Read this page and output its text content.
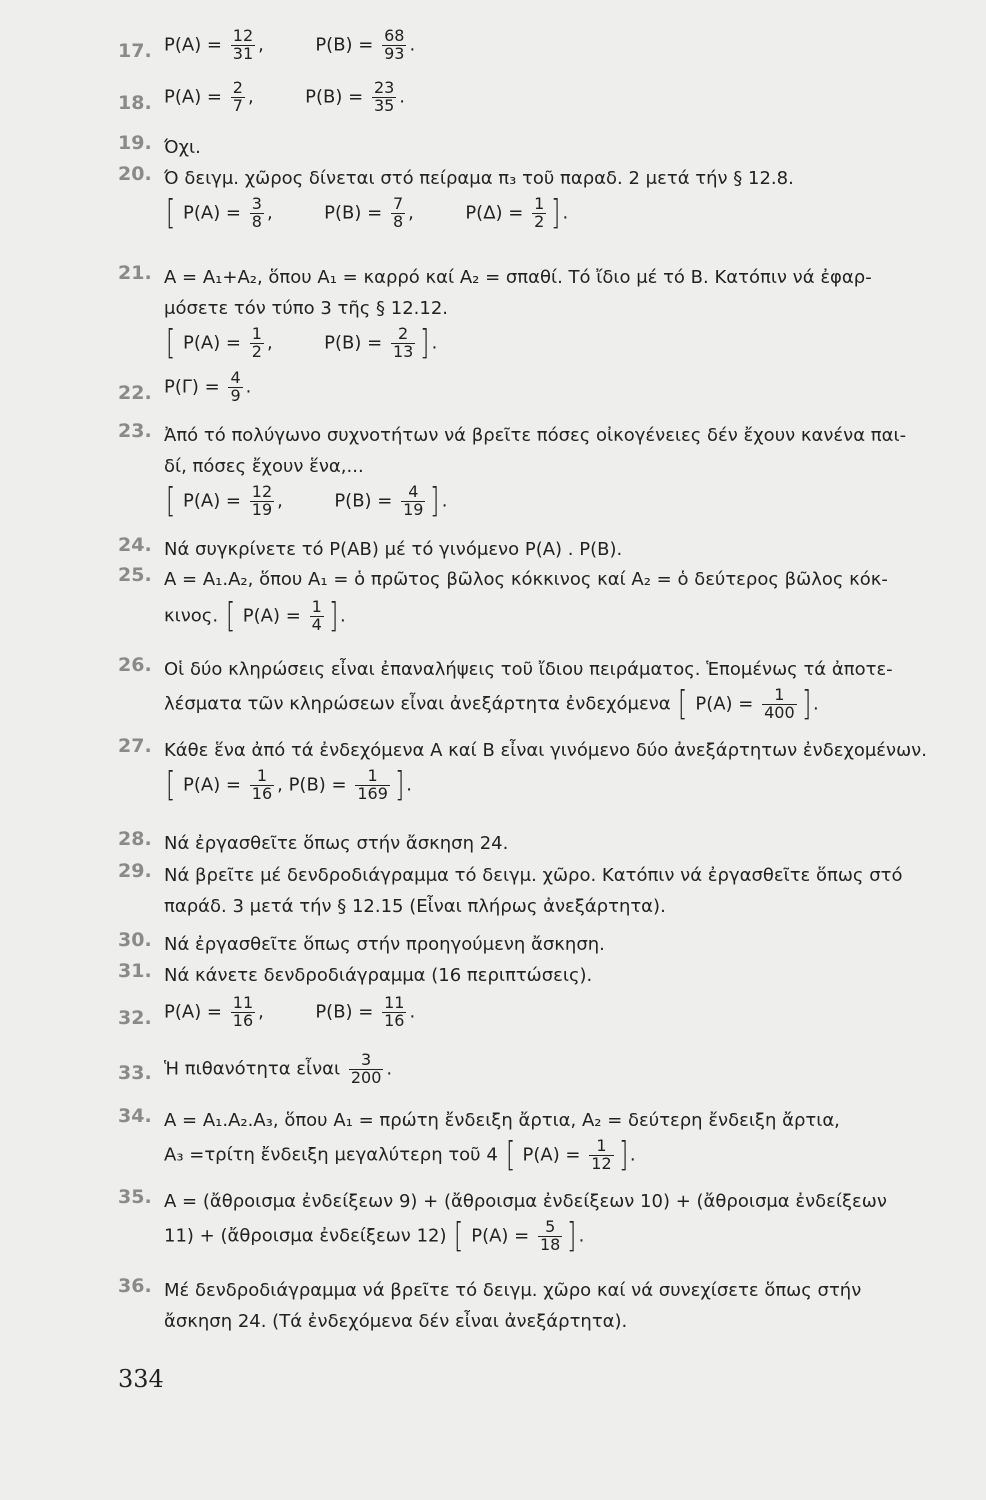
17. $P(A) = \frac{12}{31}$ ,	$P(B) = \frac{68}{93}$ .
18. $P(A) = \frac{2}{7}$ ,	$P(B) = \frac{23}{35}$ .
19. Όχι.
20. Ό δειγμ. χῶρος δίνεται στό πείραμα π₃ τοῦ παραδ. 2 μετά τήν § 12.8.
[ $P(A) = \frac{3}{8}$ ,	$P(B) = \frac{7}{8}$ ,	$P(\Delta) = \frac{1}{2}$ ] .
21. A = A₁+A₂, ὅπου A₁ = καρρό καί A₂ = σπαθί. Τό ἴδιο μέ τό B. Κατόπιν νά ἐφαρ-
μόσετε τόν τύπο 3 τῆς § 12.12.
[ $P(A) = \frac{1}{2}$ ,	$P(B) = \frac{2}{13}$ ] .
22. $P(\Gamma) = \frac{4}{9}$ .
23. Ἀπό τό πολύγωνο συχνοτήτων νά βρεῖτε πόσες οἰκογένειες δέν ἔχουν κανένα παι-
δί, πόσες ἔχουν ἕνα,...
[ $P(A) = \frac{12}{19}$ ,	$P(B) = \frac{4}{19}$ ] .
24. Νά συγκρίνετε τό P(AB) μέ τό γινόμενο P(A) . P(B).
25. A = A₁.A₂, ὅπου A₁ = ὁ πρῶτος βῶλος κόκκινος καί A₂ = ὁ δεύτερος βῶλος κόκ-
κινος. [ $P(A) = \frac{1}{4}$ ] .
26. Οἱ δύο κληρώσεις εἶναι ἐπαναλήψεις τοῦ ἴδιου πειράματος. Ἑπομένως τά ἀποτε-
λέσματα τῶν κληρώσεων εἶναι ἀνεξάρτητα ἐνδεχόμενα [ $P(A) = \frac{1}{400}$ ] .
27. Κάθε ἕνα ἀπό τά ἐνδεχόμενα A καί B εἶναι γινόμενο δύο ἀνεξάρτητων ἐνδεχομένων.
[ $P(A) = \frac{1}{16}$ , $P(B) = \frac{1}{169}$ ] .
28. Νά ἐργασθεῖτε ὅπως στήν ἄσκηση 24.
29. Νά βρεῖτε μέ δενδροδιάγραμμα τό δειγμ. χῶρο. Κατόπιν νά ἐργασθεῖτε ὅπως στό
παράδ. 3 μετά τήν § 12.15 (Εἶναι πλήρως ἀνεξάρτητα).
30. Νά ἐργασθεῖτε ὅπως στήν προηγούμενη ἄσκηση.
31. Νά κάνετε δενδροδιάγραμμα (16 περιπτώσεις).
32. $P(A) = \frac{11}{16}$ ,	$P(B) = \frac{11}{16}$ .
33. Ἡ πιθανότητα εἶναι $\frac{3}{200}$ .
34. A = A₁.A₂.A₃, ὅπου A₁ = πρώτη ἔνδειξη ἄρτια, A₂ = δεύτερη ἔνδειξη ἄρτια,
A₃ =τρίτη ἔνδειξη μεγαλύτερη τοῦ 4 [ $P(A) = \frac{1}{12}$ ] .
35. A = (ἄθροισμα ἐνδείξεων 9) + (ἄθροισμα ἐνδείξεων 10) + (ἄθροισμα ἐνδείξεων
11) + (ἄθροισμα ἐνδείξεων 12) [ $P(A) = \frac{5}{18}$ ] .
36. Μέ δενδροδιάγραμμα νά βρεῖτε τό δειγμ. χῶρο καί νά συνεχίσετε ὅπως στήν
ἄσκηση 24. (Τά ἐνδεχόμενα δέν εἶναι ἀνεξάρτητα).
334
